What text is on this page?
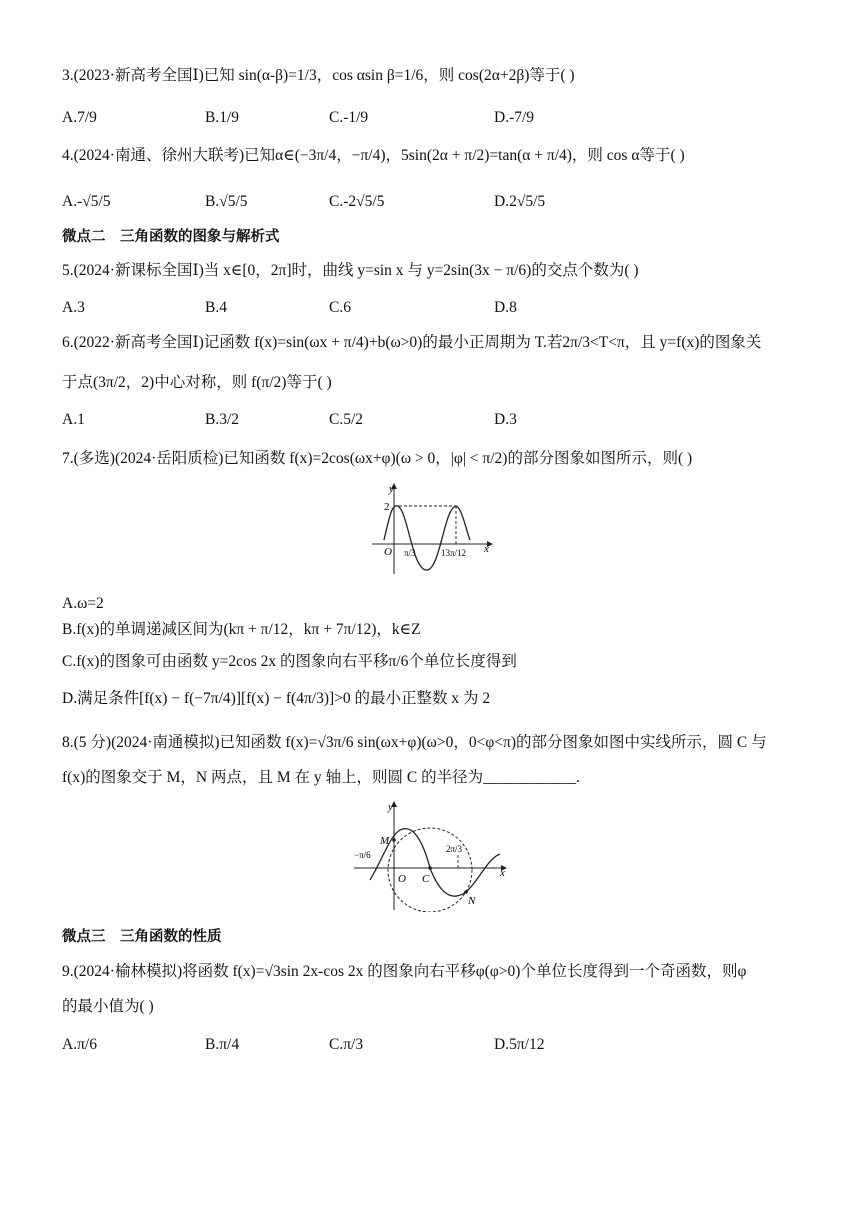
3.(2023·新高考全国Ⅰ)已知 sin(α-β)=1/3，cos αsin β=1/6，则 cos(2α+2β)等于( )
A.7/9	B.1/9	C.-1/9	D.-7/9
4.(2024·南通、徐州大联考)已知α∈(−3π/4，−π/4)，5sin(2α + π/2)=tan(α + π/4)，则 cos α等于( )
A.-√5/5	B.√5/5	C.-2√5/5	D.2√5/5
微点二　三角函数的图象与解析式
5.(2024·新课标全国Ⅰ)当 x∈[0，2π]时，曲线 y=sin x 与 y=2sin(3x − π/6)的交点个数为( )
A.3	B.4	C.6	D.8
6.(2022·新高考全国Ⅰ)记函数 f(x)=sin(ωx + π/4)+b(ω>0)的最小正周期为 T.若2π/3<T<π，且 y=f(x)的图象关
于点(3π/2，2)中心对称，则 f(π/2)等于( )
A.1	B.3/2	C.5/2	D.3
7.(多选)(2024·岳阳质检)已知函数 f(x)=2cos(ωx+φ)(ω > 0，|φ| < π/2)的部分图象如图所示，则( )
y
2
O	x
π/3	13π/12
A.ω=2
B.f(x)的单调递减区间为(kπ + π/12，kπ + 7π/12)，k∈Z
C.f(x)的图象可由函数 y=2cos 2x 的图象向右平移π/6个单位长度得到
D.满足条件[f(x) − f(−7π/4)][f(x) − f(4π/3)]>0 的最小正整数 x 为 2
8.(5 分)(2024·南通模拟)已知函数 f(x)=√3π/6 sin(ωx+φ)(ω>0，0<φ<π)的部分图象如图中实线所示，圆 C 与
f(x)的图象交于 M，N 两点，且 M 在 y 轴上，则圆 C 的半径为____________.
y
x
M
C
O
N
−π/6
2π/3
微点三　三角函数的性质
9.(2024·榆林模拟)将函数 f(x)=√3sin 2x-cos 2x 的图象向右平移φ(φ>0)个单位长度得到一个奇函数，则φ
的最小值为( )
A.π/6	B.π/4	C.π/3	D.5π/12
